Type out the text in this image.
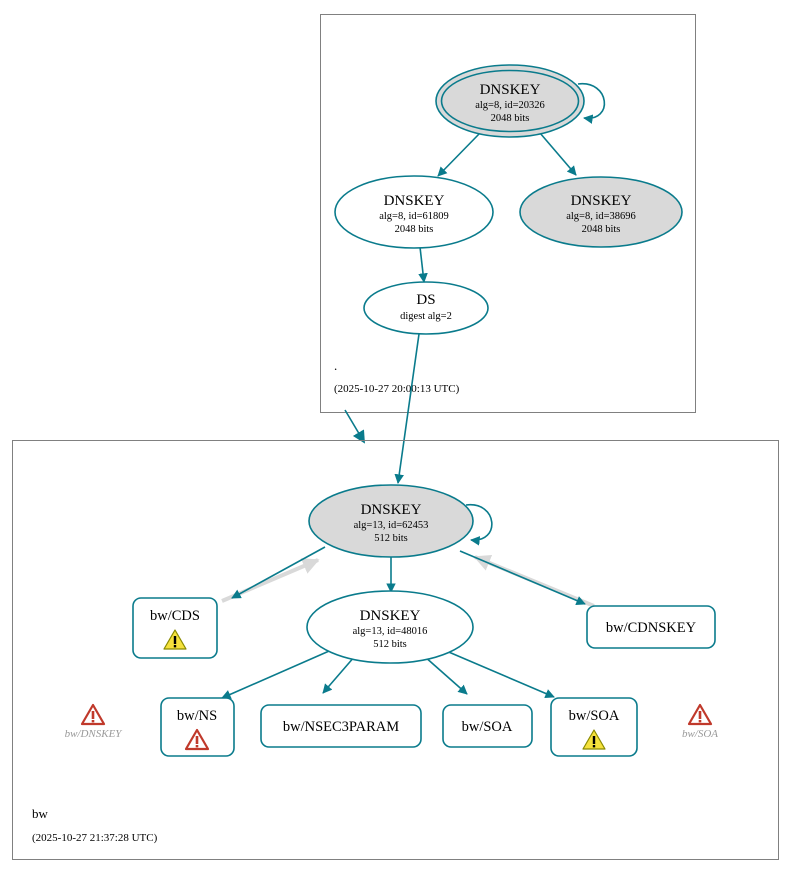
.
(2025-10-27 20:00:13 UTC)
DNSKEY
alg=8, id=20326
2048 bits
DNSKEY
alg=8, id=61809
2048 bits
DNSKEY
alg=8, id=38696
2048 bits
DS
digest alg=2
bw
(2025-10-27 21:37:28 UTC)
DNSKEY
alg=13, id=62453
512 bits
DNSKEY
alg=13, id=48016
512 bits
bw/CDS
bw/CDNSKEY
bw/NS
bw/NSEC3PARAM	bw/SOA
bw/SOA
bw/DNSKEY	bw/SOA
